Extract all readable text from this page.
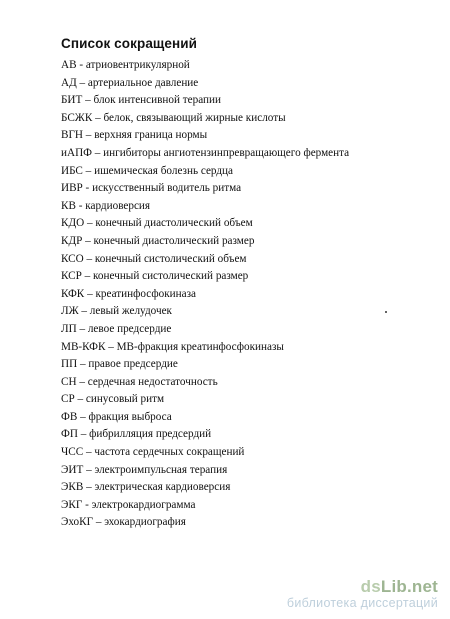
Список сокращений
АВ - атриовентрикулярной
АД – артериальное давление
БИТ – блок интенсивной терапии
БСЖК – белок, связывающий жирные кислоты
ВГН – верхняя граница нормы
иАПФ – ингибиторы ангиотензинпревращающего фермента
ИБС – ишемическая болезнь сердца
ИВР - искусственный водитель ритма
КВ - кардиоверсия
КДО – конечный диастолический объем
КДР – конечный диастолический размер
КСО – конечный систолический объем
КСР – конечный систолический размер
КФК – креатинфосфокиназа
ЛЖ – левый желудочек
ЛП – левое предсердие
МВ-КФК – МВ-фракция креатинфосфокиназы
ПП – правое предсердие
СН – сердечная недостаточность
СР – синусовый ритм
ФВ – фракция выброса
ФП – фибрилляция предсердий
ЧСС – частота сердечных сокращений
ЭИТ – электроимпульсная терапия
ЭКВ – электрическая кардиоверсия
ЭКГ - электрокардиограмма
ЭхоКГ – эхокардиография
dsLib.net
библиотека диссертаций
